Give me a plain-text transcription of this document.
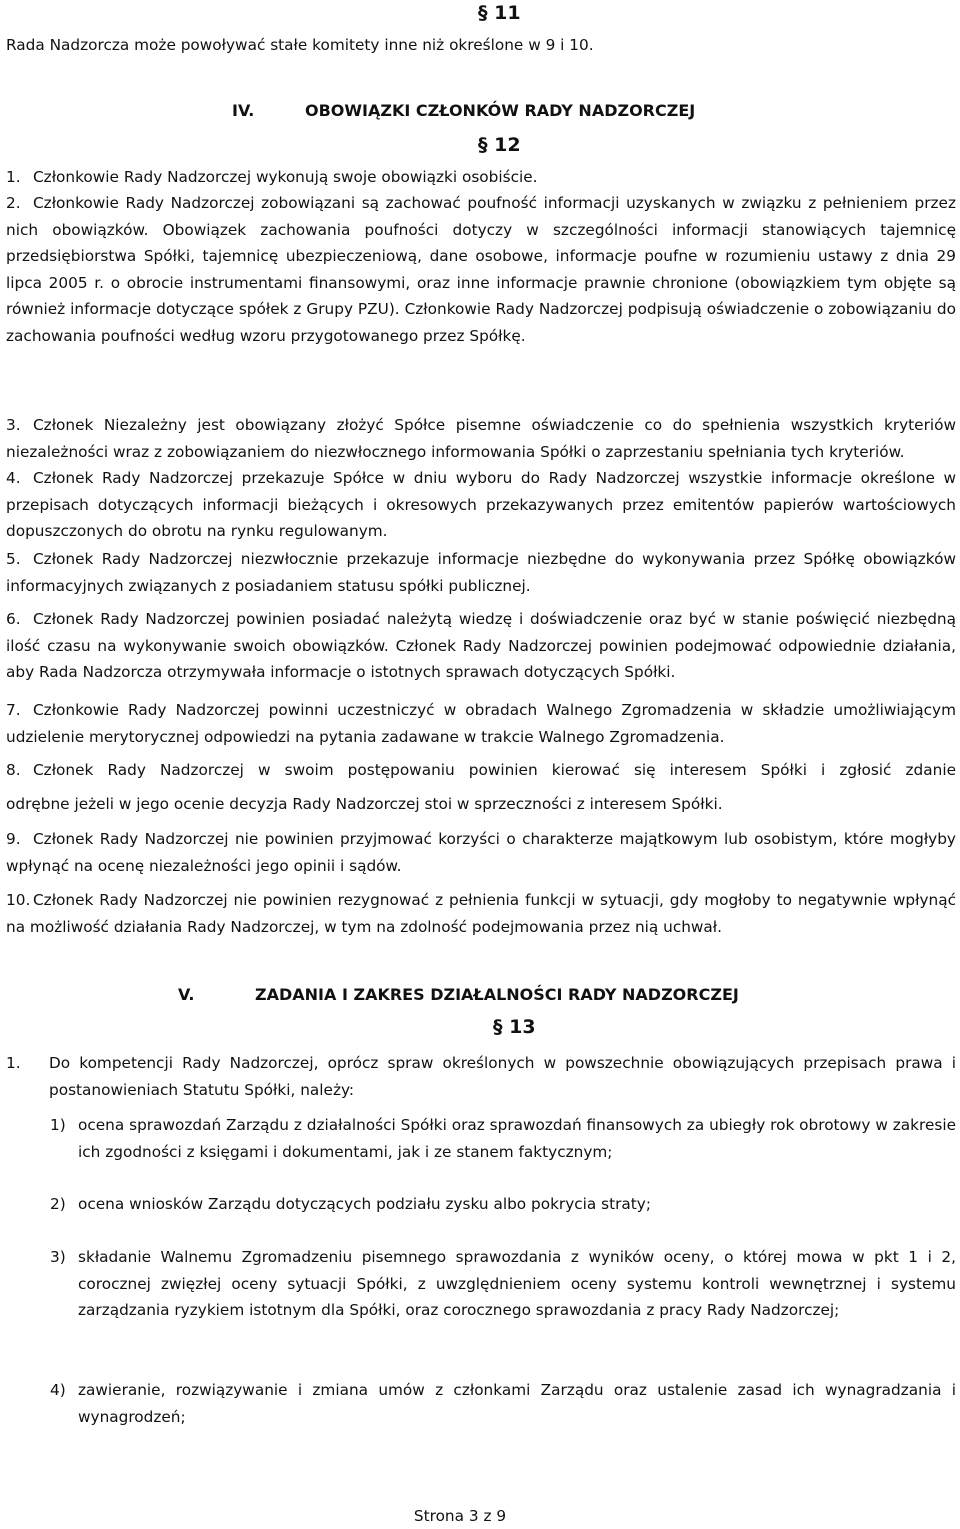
§ 11
Rada Nadzorcza może powoływać stałe komitety inne niż określone w 9 i 10.
IV.	OBOWIĄZKI CZŁONKÓW RADY NADZORCZEJ
§ 12
1. Członkowie Rady Nadzorczej wykonują swoje obowiązki osobiście.
2. Członkowie Rady Nadzorczej zobowiązani są zachować poufność informacji uzyskanych w związku z pełnieniem przez nich obowiązków. Obowiązek zachowania poufności dotyczy w szczególności informacji stanowiących tajemnicę przedsiębiorstwa Spółki, tajemnicę ubezpieczeniową, dane osobowe, informacje poufne w rozumieniu ustawy z dnia 29 lipca 2005 r. o obrocie instrumentami finansowymi, oraz inne informacje prawnie chronione (obowiązkiem tym objęte są również informacje dotyczące spółek z Grupy PZU). Członkowie Rady Nadzorczej podpisują oświadczenie o zobowiązaniu do zachowania poufności według wzoru przygotowanego przez Spółkę.
3. Członek Niezależny jest obowiązany złożyć Spółce pisemne oświadczenie co do spełnienia wszystkich kryteriów niezależności wraz z zobowiązaniem do niezwłocznego informowania Spółki o zaprzestaniu spełniania tych kryteriów.
4. Członek Rady Nadzorczej przekazuje Spółce w dniu wyboru do Rady Nadzorczej wszystkie informacje określone w przepisach dotyczących informacji bieżących i okresowych przekazywanych przez emitentów papierów wartościowych dopuszczonych do obrotu na rynku regulowanym.
5. Członek Rady Nadzorczej niezwłocznie przekazuje informacje niezbędne do wykonywania przez Spółkę obowiązków informacyjnych związanych z posiadaniem statusu spółki publicznej.
6. Członek Rady Nadzorczej powinien posiadać należytą wiedzę i doświadczenie oraz być w stanie poświęcić niezbędną ilość czasu na wykonywanie swoich obowiązków. Członek Rady Nadzorczej powinien podejmować odpowiednie działania, aby Rada Nadzorcza otrzymywała informacje o istotnych sprawach dotyczących Spółki.
7. Członkowie Rady Nadzorczej powinni uczestniczyć w obradach Walnego Zgromadzenia w składzie umożliwiającym udzielenie merytorycznej odpowiedzi na pytania zadawane w trakcie Walnego Zgromadzenia.
8. Członek Rady Nadzorczej w swoim postępowaniu powinien kierować się interesem Spółki i zgłosić zdanie
odrębne jeżeli w jego ocenie decyzja Rady Nadzorczej stoi w sprzeczności z interesem Spółki.
9. Członek Rady Nadzorczej nie powinien przyjmować korzyści o charakterze majątkowym lub osobistym, które mogłyby wpłynąć na ocenę niezależności jego opinii i sądów.
10. Członek Rady Nadzorczej nie powinien rezygnować z pełnienia funkcji w sytuacji, gdy mogłoby to negatywnie wpłynąć na możliwość działania Rady Nadzorczej, w tym na zdolność podejmowania przez nią uchwał.
V.	ZADANIA I ZAKRES DZIAŁALNOŚCI RADY NADZORCZEJ
§ 13
1. Do kompetencji Rady Nadzorczej, oprócz spraw określonych w powszechnie obowiązujących przepisach prawa i postanowieniach Statutu Spółki, należy:
1) ocena sprawozdań Zarządu z działalności Spółki oraz sprawozdań finansowych za ubiegły rok obrotowy w zakresie ich zgodności z księgami i dokumentami, jak i ze stanem faktycznym;
2) ocena wniosków Zarządu dotyczących podziału zysku albo pokrycia straty;
3) składanie Walnemu Zgromadzeniu pisemnego sprawozdania z wyników oceny, o której mowa w pkt 1 i 2, corocznej zwięzłej oceny sytuacji Spółki, z uwzględnieniem oceny systemu kontroli wewnętrznej i systemu zarządzania ryzykiem istotnym dla Spółki, oraz corocznego sprawozdania z pracy Rady Nadzorczej;
4) zawieranie, rozwiązywanie i zmiana umów z członkami Zarządu oraz ustalenie zasad ich wynagradzania i wynagrodzeń;
Strona 3 z 9
